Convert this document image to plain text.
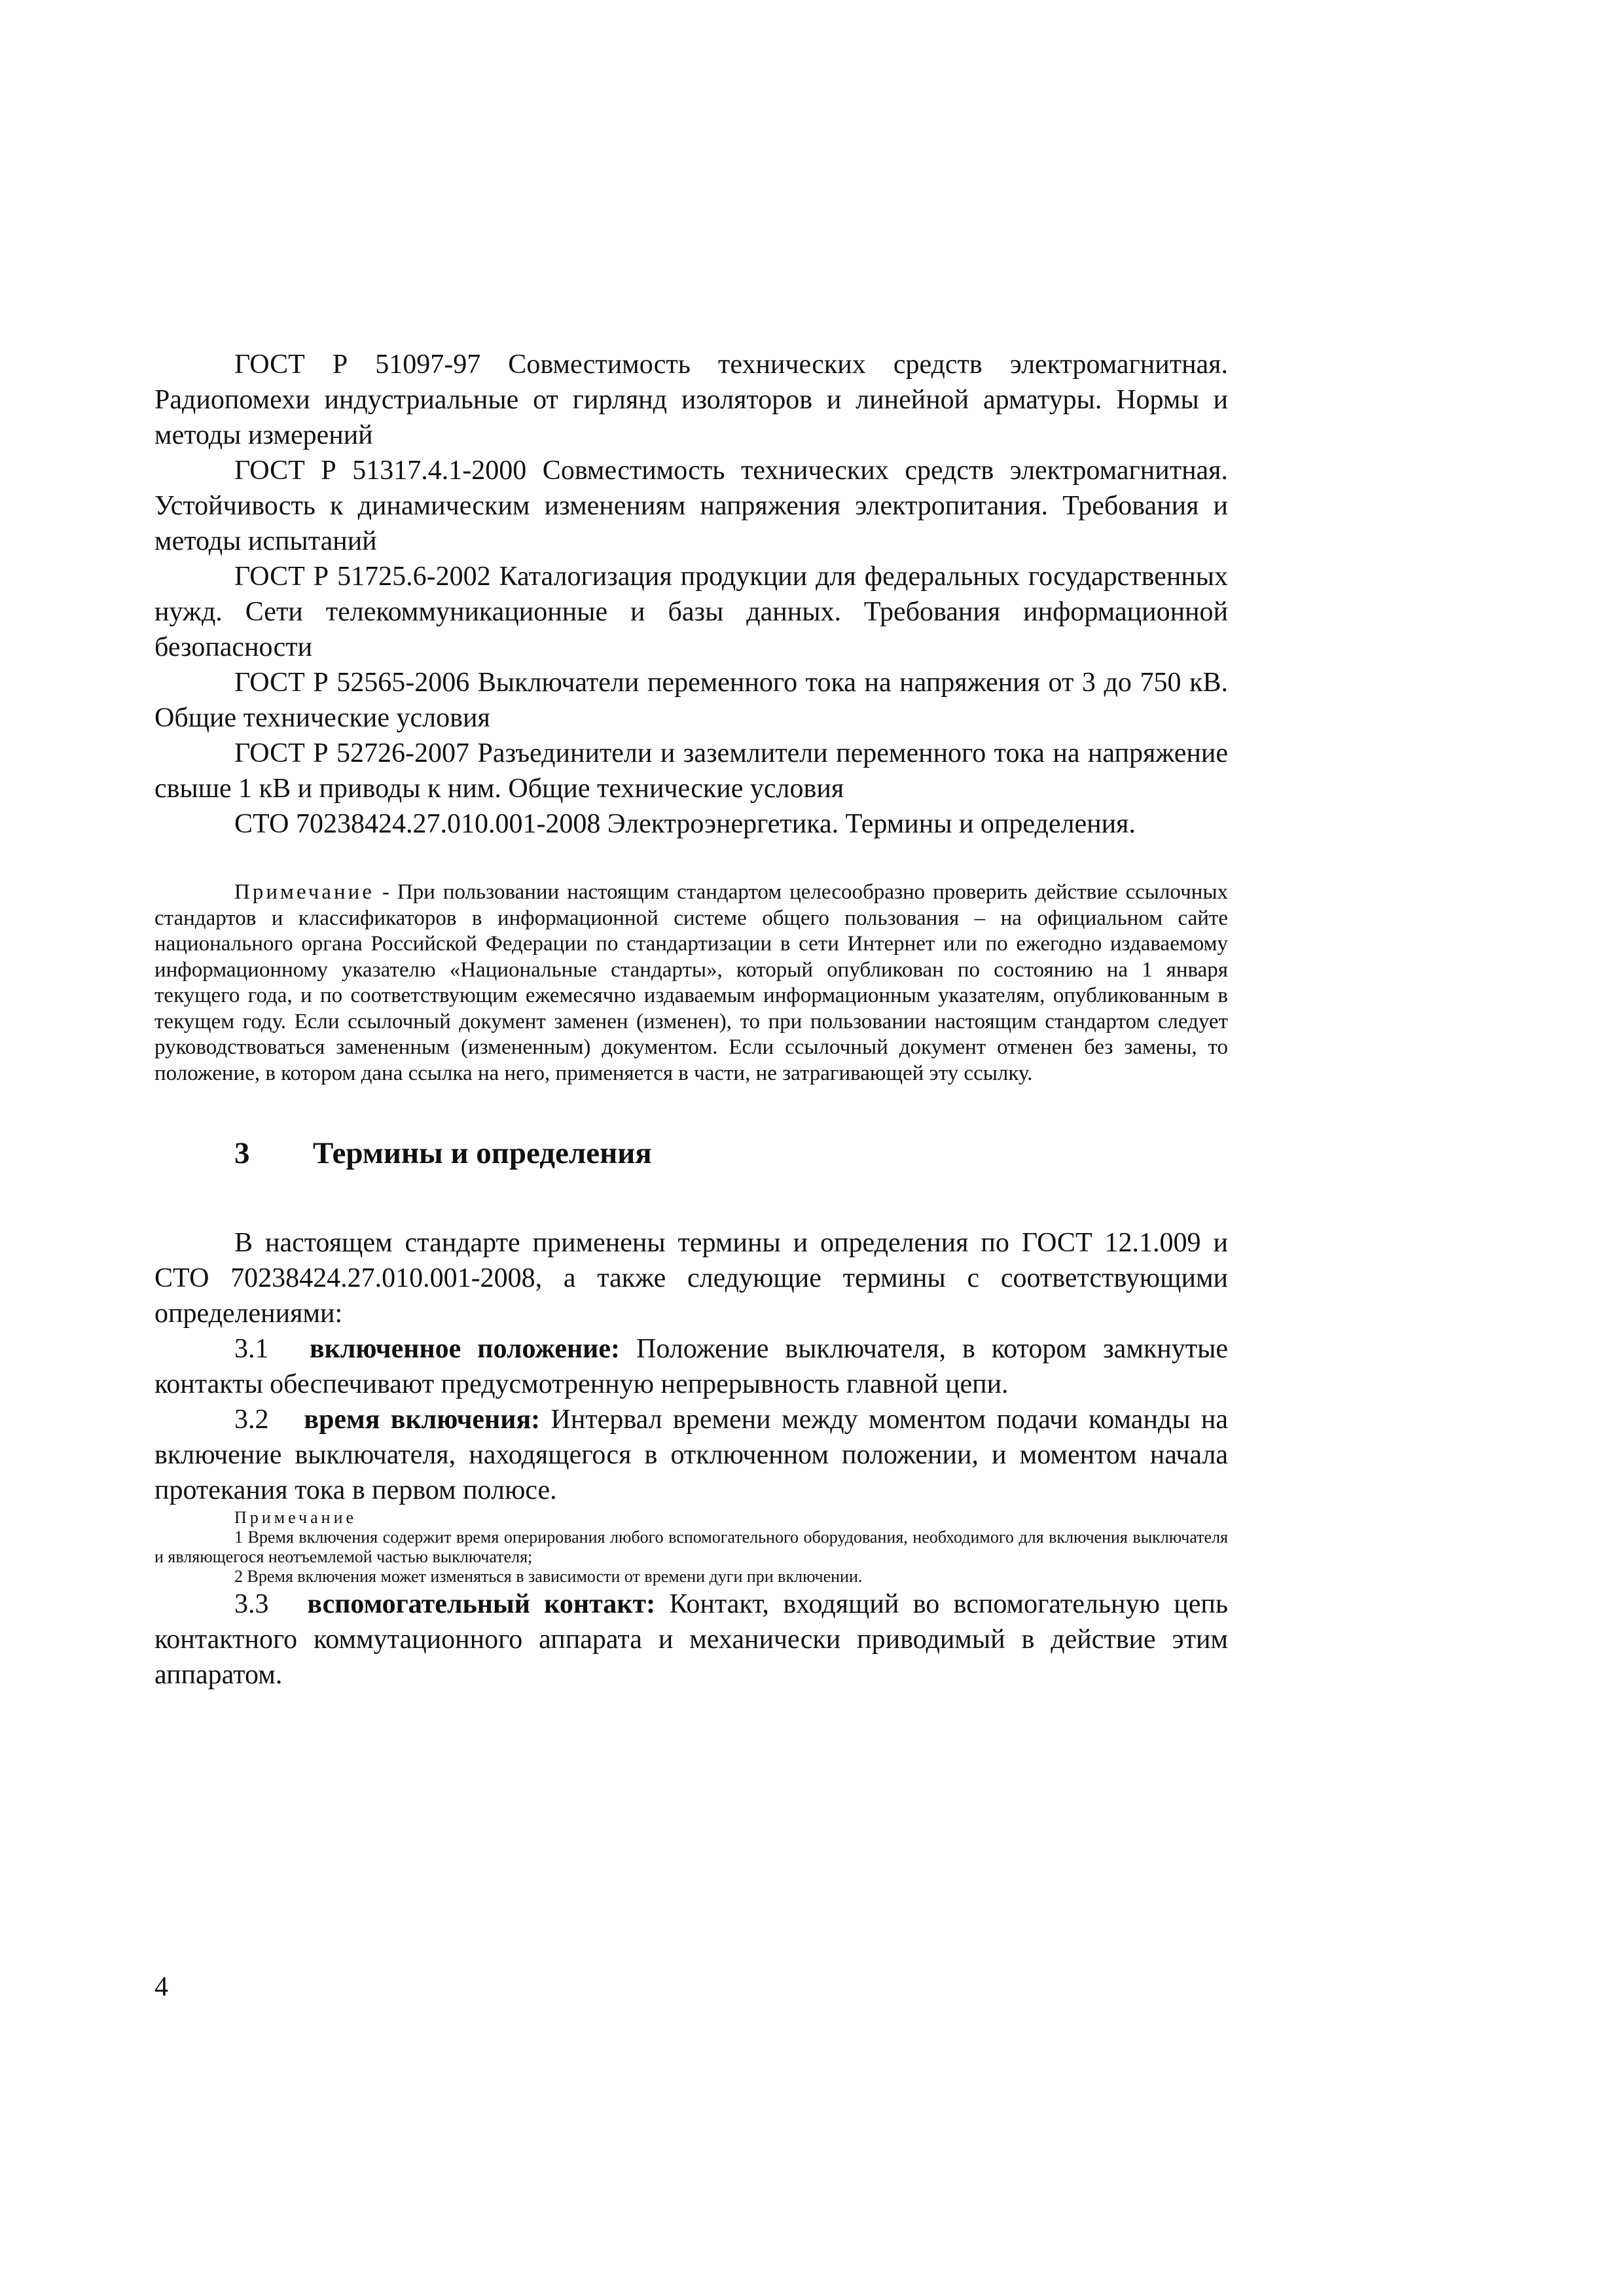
ГОСТ Р 51097-97 Совместимость технических средств электромагнитная. Радиопомехи индустриальные от гирлянд изоляторов и линейной арматуры. Нормы и методы измерений

ГОСТ Р 51317.4.1-2000 Совместимость технических средств электромагнитная. Устойчивость к динамическим изменениям напряжения электропитания. Требования и методы испытаний

ГОСТ Р 51725.6-2002 Каталогизация продукции для федеральных государственных нужд. Сети телекоммуникационные и базы данных. Требования информационной безопасности

ГОСТ Р 52565-2006 Выключатели переменного тока на напряжения от 3 до 750 кВ. Общие технические условия

ГОСТ Р 52726-2007 Разъединители и заземлители переменного тока на напряжение свыше 1 кВ и приводы к ним. Общие технические условия

СТО 70238424.27.010.001-2008 Электроэнергетика. Термины и определения.

Примечание - При пользовании настоящим стандартом целесообразно проверить действие ссылочных стандартов и классификаторов в информационной системе общего пользования – на официальном сайте национального органа Российской Федерации по стандартизации в сети Интернет или по ежегодно издаваемому информационному указателю «Национальные стандарты», который опубликован по состоянию на 1 января текущего года, и по соответствующим ежемесячно издаваемым информационным указателям, опубликованным в текущем году. Если ссылочный документ заменен (изменен), то при пользовании настоящим стандартом следует руководствоваться замененным (измененным) документом. Если ссылочный документ отменен без замены, то положение, в котором дана ссылка на него, применяется в части, не затрагивающей эту ссылку.

3 Термины и определения

В настоящем стандарте применены термины и определения по ГОСТ 12.1.009 и СТО 70238424.27.010.001-2008, а также следующие термины с соответствующими определениями:

3.1 включенное положение: Положение выключателя, в котором замкнутые контакты обеспечивают предусмотренную непрерывность главной цепи.

3.2 время включения: Интервал времени между моментом подачи команды на включение выключателя, находящегося в отключенном положении, и моментом начала протекания тока в первом полюсе.

Примечание

1 Время включения содержит время оперирования любого вспомогательного оборудования, необходимого для включения выключателя и являющегося неотъемлемой частью выключателя;

2 Время включения может изменяться в зависимости от времени дуги при включении.

3.3 вспомогательный контакт: Контакт, входящий во вспомогательную цепь контактного коммутационного аппарата и механически приводимый в действие этим аппаратом.

4
